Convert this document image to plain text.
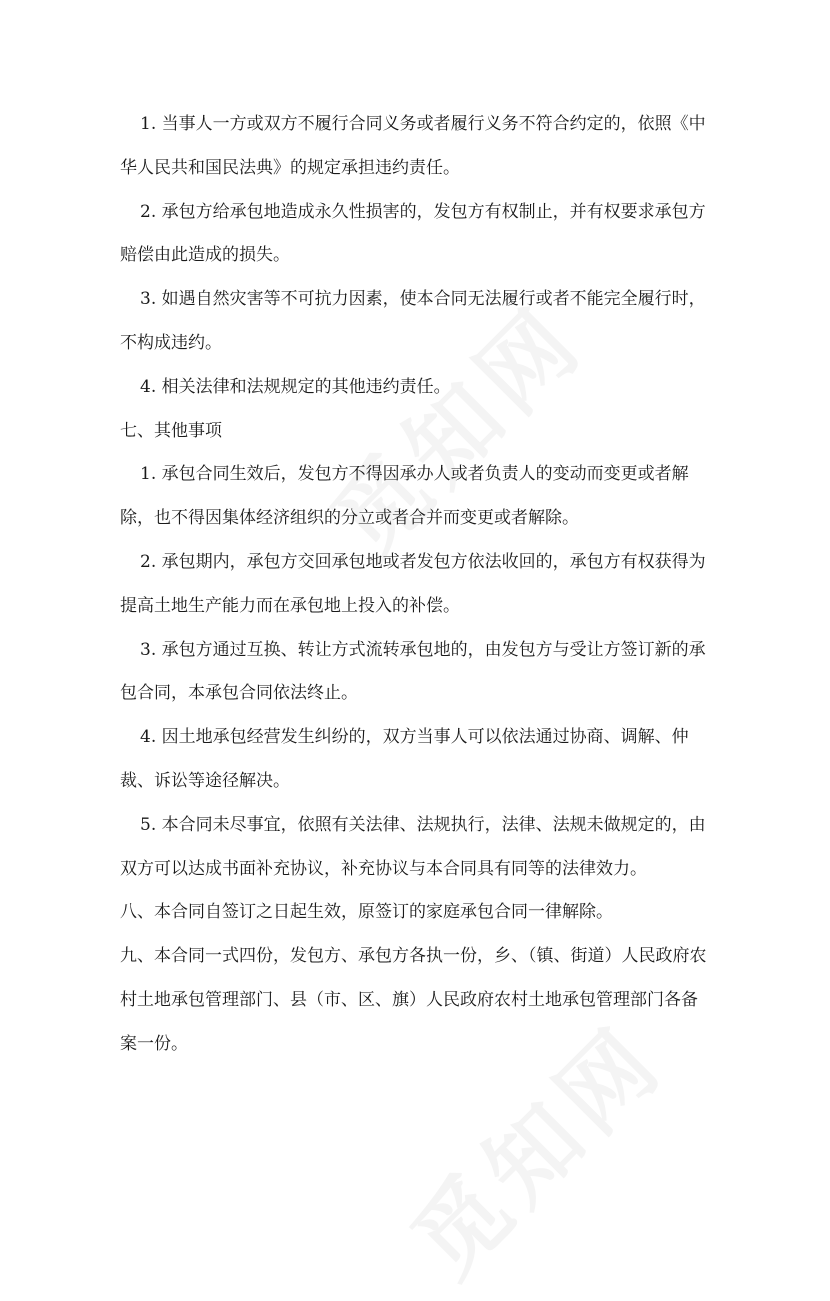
1. 当事人一方或双方不履行合同义务或者履行义务不符合约定的，依照《中
华人民共和国民法典》的规定承担违约责任。
2. 承包方给承包地造成永久性损害的，发包方有权制止，并有权要求承包方
赔偿由此造成的损失。
3. 如遇自然灾害等不可抗力因素，使本合同无法履行或者不能完全履行时，
不构成违约。
4. 相关法律和法规规定的其他违约责任。
七、其他事项
1. 承包合同生效后，发包方不得因承办人或者负责人的变动而变更或者解
除，也不得因集体经济组织的分立或者合并而变更或者解除。
2. 承包期内，承包方交回承包地或者发包方依法收回的，承包方有权获得为
提高土地生产能力而在承包地上投入的补偿。
3. 承包方通过互换、转让方式流转承包地的，由发包方与受让方签订新的承
包合同，本承包合同依法终止。
4. 因土地承包经营发生纠纷的，双方当事人可以依法通过协商、调解、仲
裁、诉讼等途径解决。
5. 本合同未尽事宜，依照有关法律、法规执行，法律、法规未做规定的，由
双方可以达成书面补充协议，补充协议与本合同具有同等的法律效力。
八、本合同自签订之日起生效，原签订的家庭承包合同一律解除。
九、本合同一式四份，发包方、承包方各执一份，乡、（镇、街道）人民政府农
村土地承包管理部门、县（市、区、旗）人民政府农村土地承包管理部门各备
案一份。
